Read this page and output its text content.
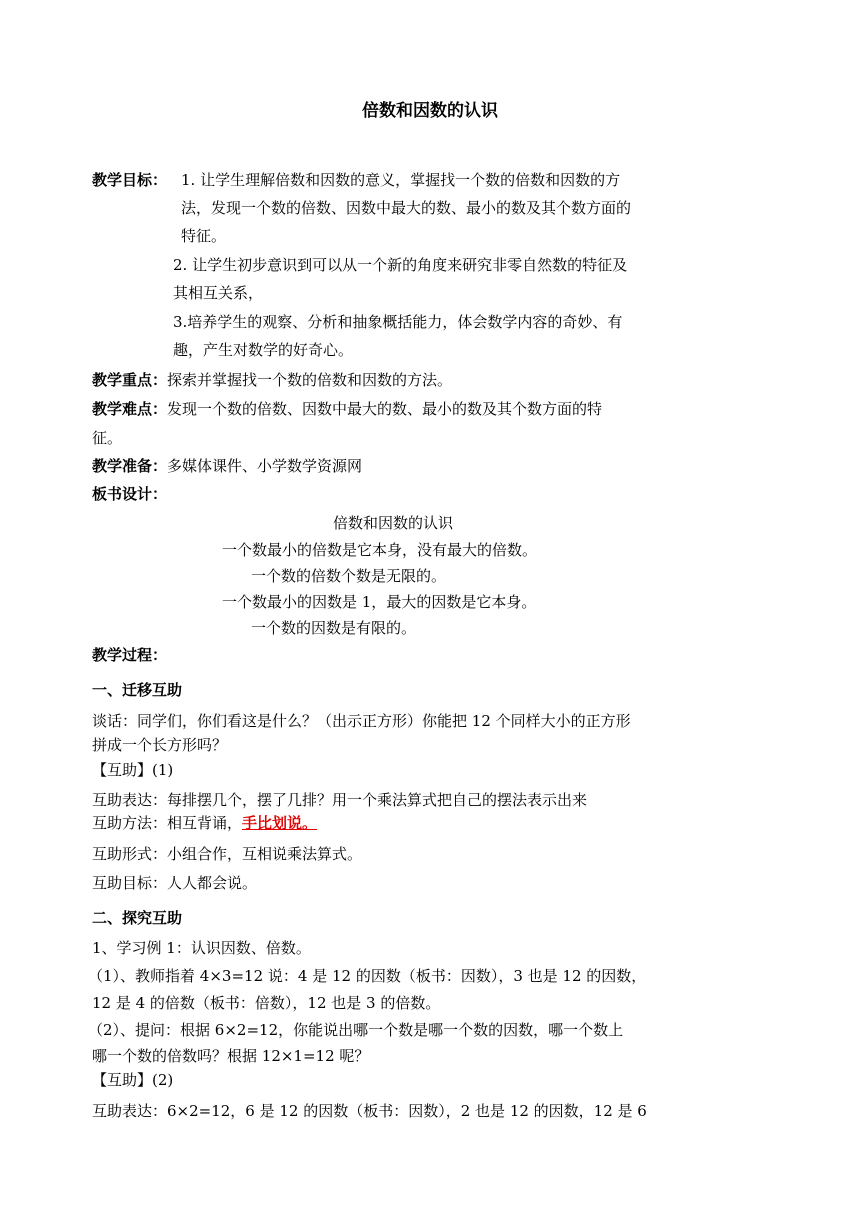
倍数和因数的认识
教学目标： 1. 让学生理解倍数和因数的意义，掌握找一个数的倍数和因数的方
法，发现一个数的倍数、因数中最大的数、最小的数及其个数方面的
特征。
2. 让学生初步意识到可以从一个新的角度来研究非零自然数的特征及
其相互关系，
3.培养学生的观察、分析和抽象概括能力，体会数学内容的奇妙、有
趣，产生对数学的好奇心。
教学重点：探索并掌握找一个数的倍数和因数的方法。
教学难点：发现一个数的倍数、因数中最大的数、最小的数及其个数方面的特
征。
教学准备：多媒体课件、小学数学资源网
板书设计：
倍数和因数的认识
一个数最小的倍数是它本身，没有最大的倍数。
一个数的倍数个数是无限的。
一个数最小的因数是 1，最大的因数是它本身。
一个数的因数是有限的。
教学过程：
一、迁移互助
谈话：同学们，你们看这是什么？（出示正方形）你能把 12 个同样大小的正方形
拼成一个长方形吗？
【互助】(1)
互助表达：每排摆几个，摆了几排？用一个乘法算式把自己的摆法表示出来
互助方法：相互背诵，手比划说。
互助形式：小组合作，互相说乘法算式。
互助目标：人人都会说。
二、探究互助
1、学习例 1：认识因数、倍数。
（1）、教师指着 4×3=12 说：4 是 12 的因数（板书：因数），3 也是 12 的因数，
12 是 4 的倍数（板书：倍数），12 也是 3 的倍数。
（2）、提问：根据 6×2=12，你能说出哪一个数是哪一个数的因数，哪一个数上
哪一个数的倍数吗？根据 12×1=12 呢？
【互助】(2)
互助表达：6×2=12，6 是 12 的因数（板书：因数），2 也是 12 的因数，12 是 6
